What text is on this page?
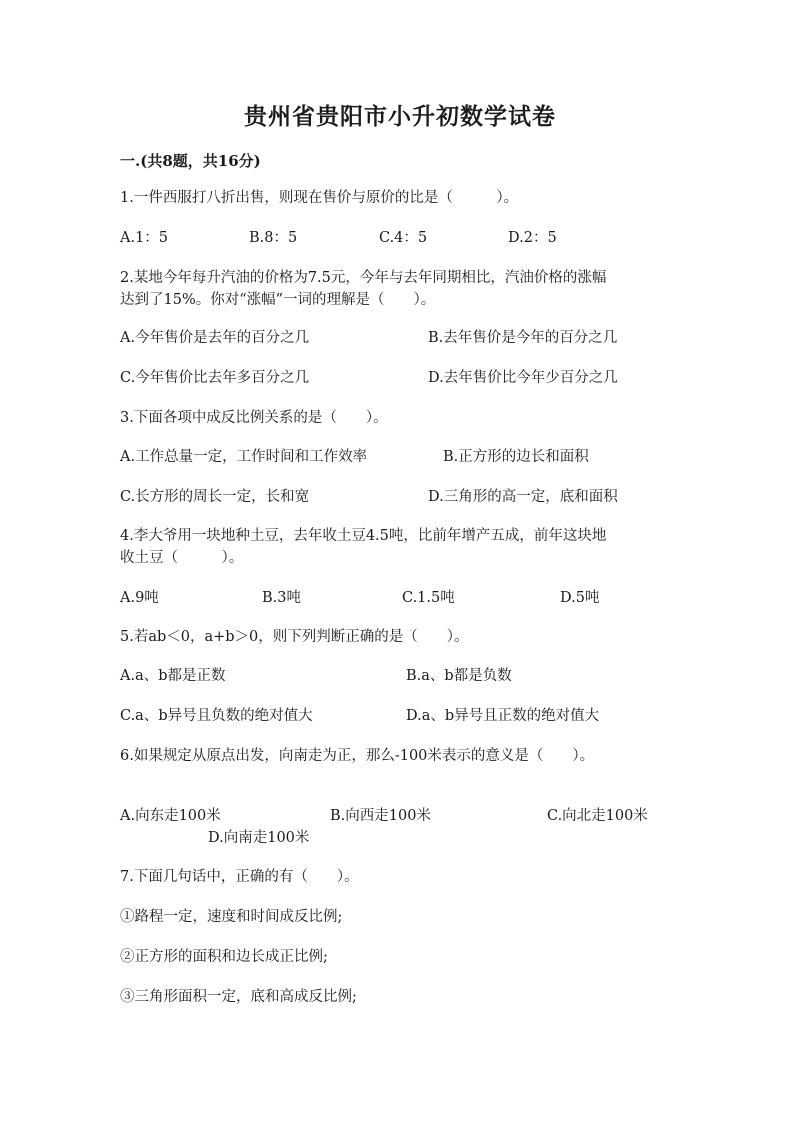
贵州省贵阳市小升初数学试卷
一.(共8题，共16分)
1.一件西服打八折出售，则现在售价与原价的比是（　　　）。
A.1：5	B.8：5	C.4：5	D.2：5
2.某地今年每升汽油的价格为7.5元，今年与去年同期相比，汽油价格的涨幅
达到了15%。你对“涨幅”一词的理解是（　　）。
A.今年售价是去年的百分之几	B.去年售价是今年的百分之几
C.今年售价比去年多百分之几	D.去年售价比今年少百分之几
3.下面各项中成反比例关系的是（　　）。
A.工作总量一定，工作时间和工作效率	B.正方形的边长和面积
C.长方形的周长一定，长和宽	D.三角形的高一定，底和面积
4.李大爷用一块地种土豆，去年收土豆4.5吨，比前年增产五成，前年这块地
收土豆（　　　）。
A.9吨	B.3吨	C.1.5吨	D.5吨
5.若ab＜0，a+b＞0，则下列判断正确的是（　　）。
A.a、b都是正数	B.a、b都是负数
C.a、b异号且负数的绝对值大	D.a、b异号且正数的绝对值大
6.如果规定从原点出发，向南走为正，那么-100米表示的意义是（　　）。
A.向东走100米	B.向西走100米	C.向北走100米
D.向南走100米
7.下面几句话中，正确的有（　　）。
①路程一定，速度和时间成反比例;
②正方形的面积和边长成正比例;
③三角形面积一定，底和高成反比例;
